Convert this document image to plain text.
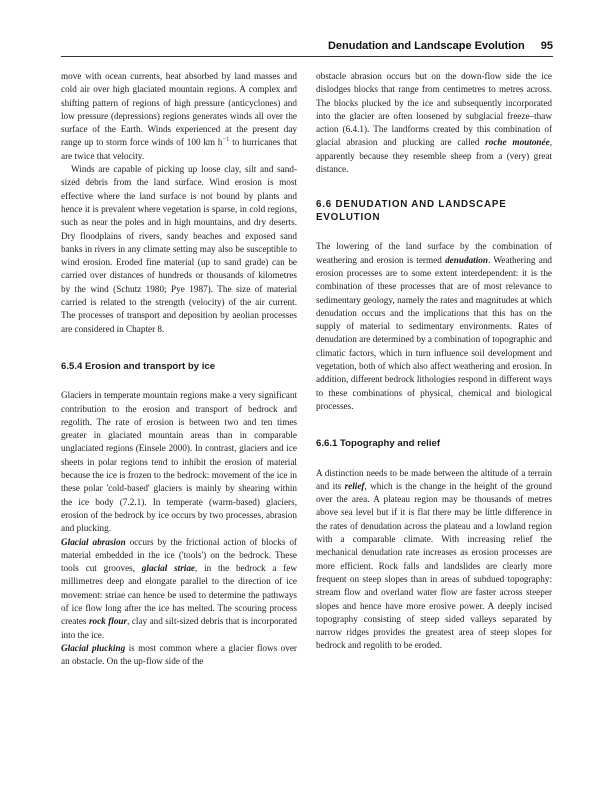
Denudation and Landscape Evolution 95

move with ocean currents, heat absorbed by land masses and cold air over high glaciated mountain regions. A complex and shifting pattern of regions of high pressure (anticyclones) and low pressure (depressions) regions generates winds all over the surface of the Earth. Winds experienced at the present day range up to storm force winds of 100 km $h^{-1}$ to hurricanes that are twice that velocity.

Winds are capable of picking up loose clay, silt and sand-sized debris from the land surface. Wind erosion is most effective where the land surface is not bound by plants and hence it is prevalent where vegetation is sparse, in cold regions, such as near the poles and in high mountains, and dry deserts. Dry floodplains of rivers, sandy beaches and exposed sand banks in rivers in any climate setting may also be susceptible to wind erosion. Eroded fine material (up to sand grade) can be carried over distances of hundreds or thousands of kilometres by the wind (Schutz 1980; Pye 1987). The size of material carried is related to the strength (velocity) of the air current. The processes of transport and deposition by aeolian processes are considered in Chapter 8.

6.5.4 Erosion and transport by ice

Glaciers in temperate mountain regions make a very significant contribution to the erosion and transport of bedrock and regolith. The rate of erosion is between two and ten times greater in glaciated mountain areas than in comparable unglaciated regions (Einsele 2000). In contrast, glaciers and ice sheets in polar regions tend to inhibit the erosion of material because the ice is frozen to the bedrock: movement of the ice in these polar 'cold-based' glaciers is mainly by shearing within the ice body (7.2.1). In temperate (warm-based) glaciers, erosion of the bedrock by ice occurs by two processes, abrasion and plucking.

Glacial abrasion occurs by the frictional action of blocks of material embedded in the ice ('tools') on the bedrock. These tools cut grooves, glacial striae, in the bedrock a few millimetres deep and elongate parallel to the direction of ice movement: striae can hence be used to determine the pathways of ice flow long after the ice has melted. The scouring process creates rock flour, clay and silt-sized debris that is incorporated into the ice.

Glacial plucking is most common where a glacier flows over an obstacle. On the up-flow side of the

obstacle abrasion occurs but on the down-flow side the ice dislodges blocks that range from centimetres to metres across. The blocks plucked by the ice and subsequently incorporated into the glacier are often loosened by subglacial freeze–thaw action (6.4.1). The landforms created by this combination of glacial abrasion and plucking are called roche moutonée, apparently because they resemble sheep from a (very) great distance.

6.6 DENUDATION AND LANDSCAPE EVOLUTION

The lowering of the land surface by the combination of weathering and erosion is termed denudation. Weathering and erosion processes are to some extent interdependent: it is the combination of these processes that are of most relevance to sedimentary geology, namely the rates and magnitudes at which denudation occurs and the implications that this has on the supply of material to sedimentary environments. Rates of denudation are determined by a combination of topographic and climatic factors, which in turn influence soil development and vegetation, both of which also affect weathering and erosion. In addition, different bedrock lithologies respond in different ways to these combinations of physical, chemical and biological processes.

6.6.1 Topography and relief

A distinction needs to be made between the altitude of a terrain and its relief, which is the change in the height of the ground over the area. A plateau region may be thousands of metres above sea level but if it is flat there may be little difference in the rates of denudation across the plateau and a lowland region with a comparable climate. With increasing relief the mechanical denudation rate increases as erosion processes are more efficient. Rock falls and landslides are clearly more frequent on steep slopes than in areas of subdued topography: stream flow and overland water flow are faster across steeper slopes and hence have more erosive power. A deeply incised topography consisting of steep sided valleys separated by narrow ridges provides the greatest area of steep slopes for bedrock and regolith to be eroded.
